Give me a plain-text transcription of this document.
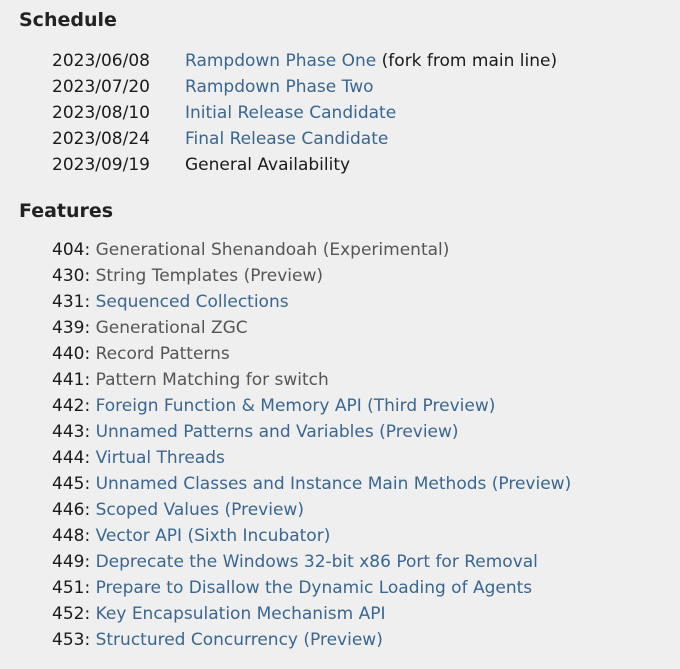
Schedule
2023/06/08	Rampdown Phase One (fork from main line)
2023/07/20	Rampdown Phase Two
2023/08/10	Initial Release Candidate
2023/08/24	Final Release Candidate
2023/09/19	General Availability
Features
404: Generational Shenandoah (Experimental)
430: String Templates (Preview)
431: Sequenced Collections
439: Generational ZGC
440: Record Patterns
441: Pattern Matching for switch
442: Foreign Function & Memory API (Third Preview)
443: Unnamed Patterns and Variables (Preview)
444: Virtual Threads
445: Unnamed Classes and Instance Main Methods (Preview)
446: Scoped Values (Preview)
448: Vector API (Sixth Incubator)
449: Deprecate the Windows 32-bit x86 Port for Removal
451: Prepare to Disallow the Dynamic Loading of Agents
452: Key Encapsulation Mechanism API
453: Structured Concurrency (Preview)
